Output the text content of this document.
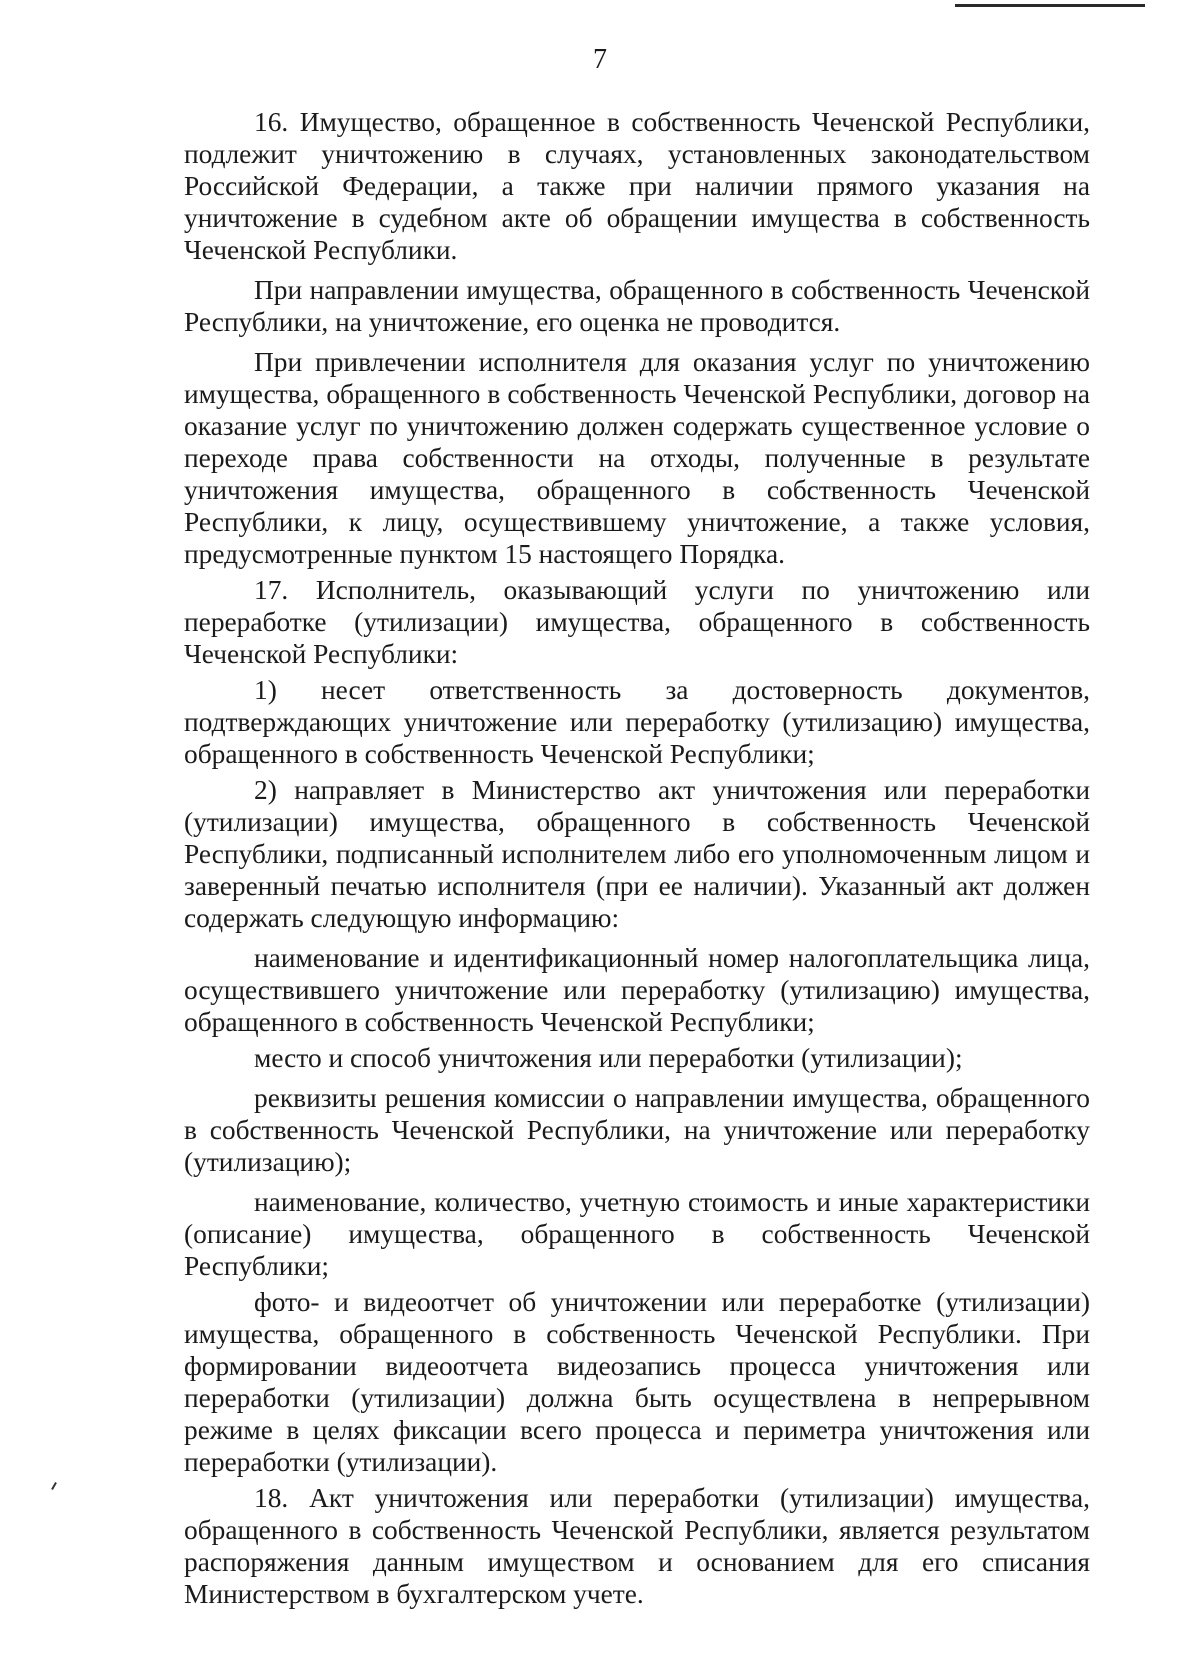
7

16. Имущество, обращенное в собственность Чеченской Республики, подлежит уничтожению в случаях, установленных законодательством Российской Федерации, а также при наличии прямого указания на уничтожение в судебном акте об обращении имущества в собственность Чеченской Республики.

При направлении имущества, обращенного в собственность Чеченской Республики, на уничтожение, его оценка не проводится.

При привлечении исполнителя для оказания услуг по уничтожению имущества, обращенного в собственность Чеченской Республики, договор на оказание услуг по уничтожению должен содержать существенное условие о переходе права собственности на отходы, полученные в результате уничтожения имущества, обращенного в собственность Чеченской Республики, к лицу, осуществившему уничтожение, а также условия, предусмотренные пунктом 15 настоящего Порядка.

17. Исполнитель, оказывающий услуги по уничтожению или переработке (утилизации) имущества, обращенного в собственность Чеченской Республики:

1) несет ответственность за достоверность документов, подтверждающих уничтожение или переработку (утилизацию) имущества, обращенного в собственность Чеченской Республики;

2) направляет в Министерство акт уничтожения или переработки (утилизации) имущества, обращенного в собственность Чеченской Республики, подписанный исполнителем либо его уполномоченным лицом и заверенный печатью исполнителя (при ее наличии). Указанный акт должен содержать следующую информацию:

наименование и идентификационный номер налогоплательщика лица, осуществившего уничтожение или переработку (утилизацию) имущества, обращенного в собственность Чеченской Республики;

место и способ уничтожения или переработки (утилизации);

реквизиты решения комиссии о направлении имущества, обращенного в собственность Чеченской Республики, на уничтожение или переработку (утилизацию);

наименование, количество, учетную стоимость и иные характеристики (описание) имущества, обращенного в собственность Чеченской Республики;

фото- и видеоотчет об уничтожении или переработке (утилизации) имущества, обращенного в собственность Чеченской Республики. При формировании видеоотчета видеозапись процесса уничтожения или переработки (утилизации) должна быть осуществлена в непрерывном режиме в целях фиксации всего процесса и периметра уничтожения или переработки (утилизации).

18. Акт уничтожения или переработки (утилизации) имущества, обращенного в собственность Чеченской Республики, является результатом распоряжения данным имуществом и основанием для его списания Министерством в бухгалтерском учете.
